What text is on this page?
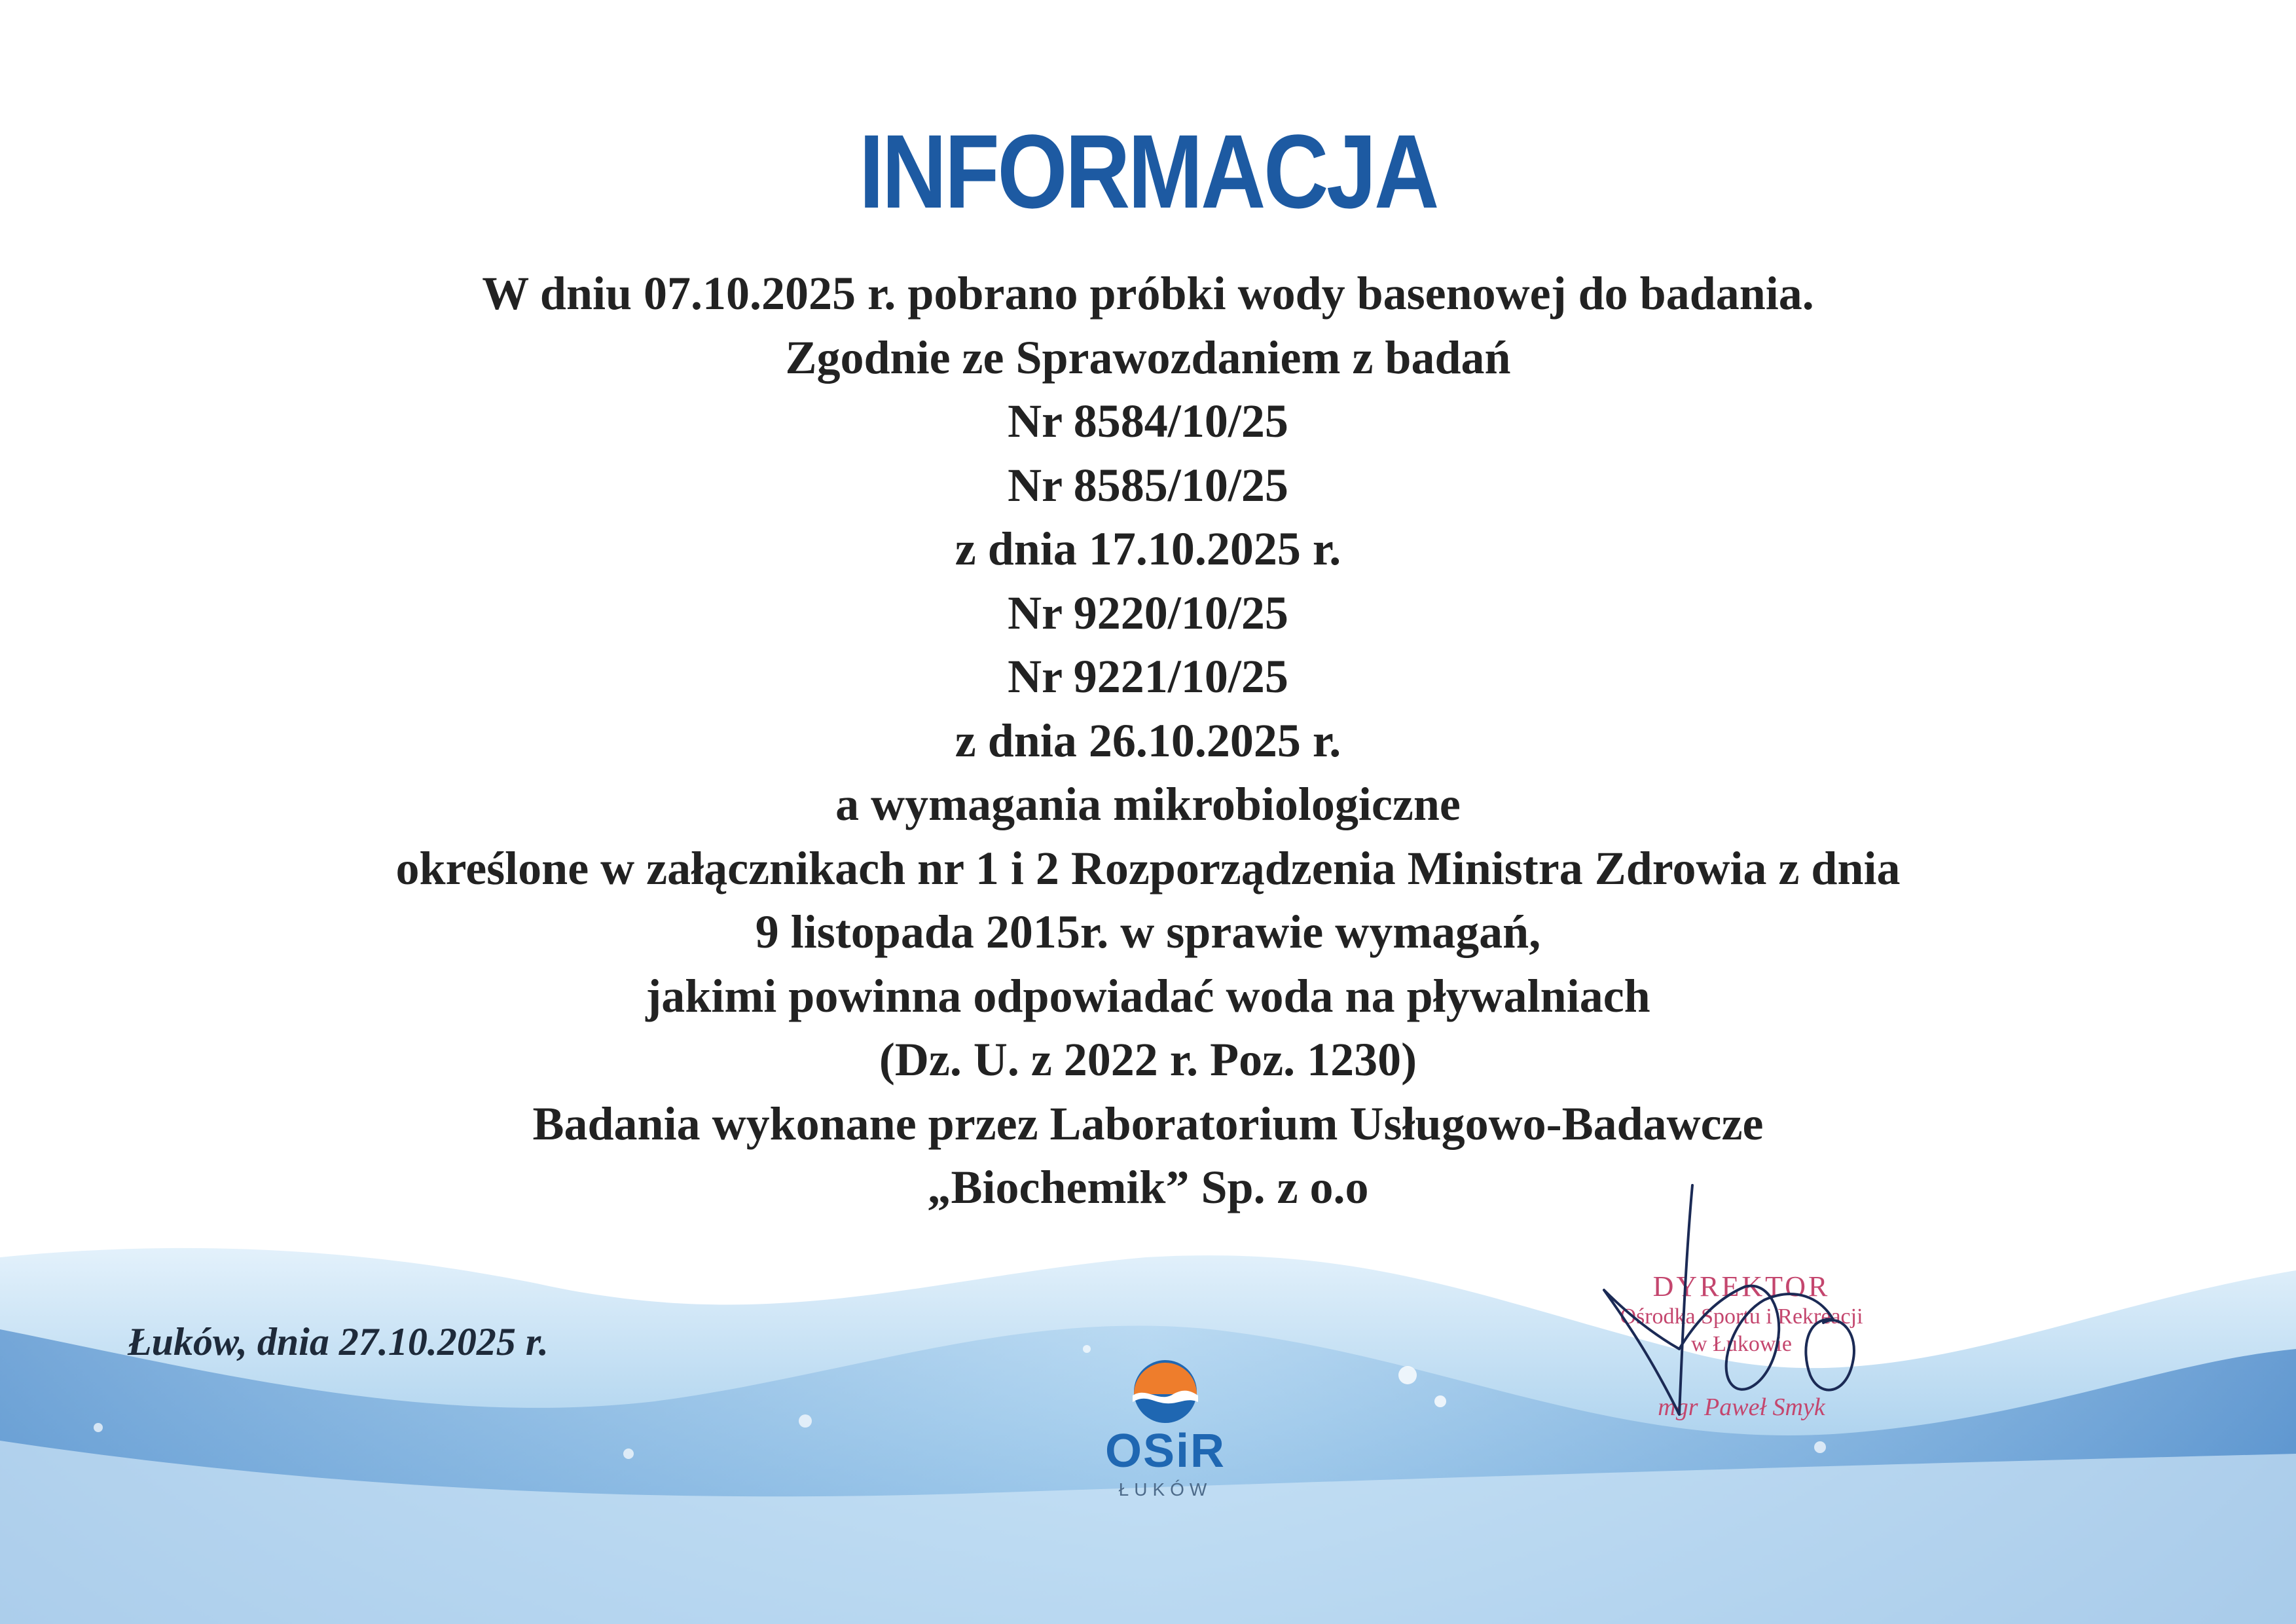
INFORMACJA
W dniu 07.10.2025 r. pobrano próbki wody basenowej do badania.
Zgodnie ze Sprawozdaniem z badań
Nr 8584/10/25
Nr 8585/10/25
z dnia 17.10.2025 r.
Nr 9220/10/25
Nr 9221/10/25
z dnia 26.10.2025 r.
a wymagania mikrobiologiczne
określone w załącznikach nr 1 i 2 Rozporządzenia Ministra Zdrowia z dnia
9 listopada 2015r. w sprawie wymagań,
jakimi powinna odpowiadać woda na pływalniach
(Dz. U. z 2022 r. Poz. 1230)
Badania wykonane przez Laboratorium Usługowo-Badawcze
„Biochemik” Sp. z o.o
Łuków, dnia 27.10.2025 r.
OSiR
ŁUKÓW
DYREKTOR
Ośrodka Sportu i Rekreacji
w Łukowie
mgr Paweł Smyk
